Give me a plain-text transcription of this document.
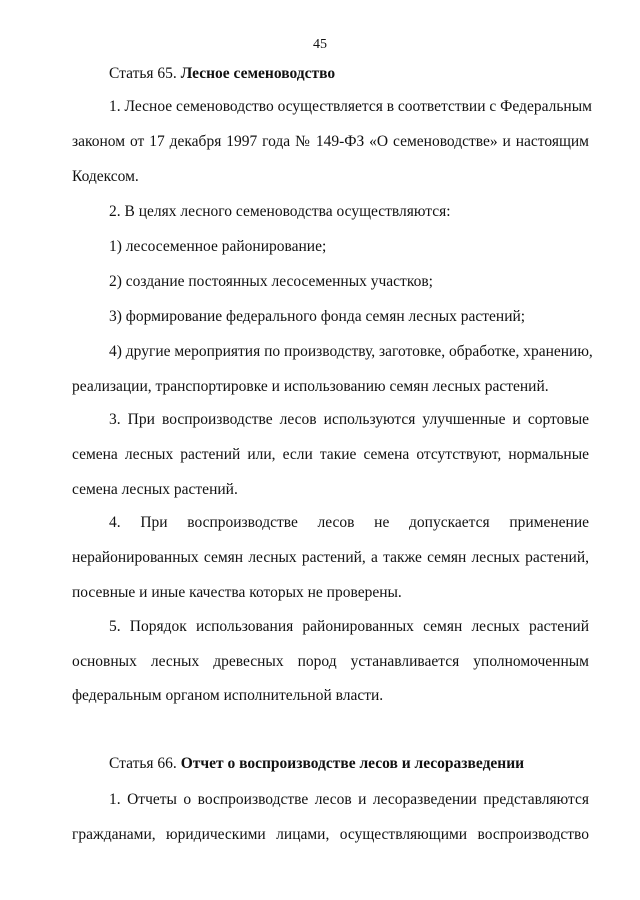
45
Статья 65. Лесное семеноводство
1. Лесное семеноводство осуществляется в соответствии с Федеральным
законом от 17 декабря 1997 года № 149-ФЗ «О семеноводстве» и настоящим
Кодексом.
2. В целях лесного семеноводства осуществляются:
1) лесосеменное районирование;
2) создание постоянных лесосеменных участков;
3) формирование федерального фонда семян лесных растений;
4) другие мероприятия по производству, заготовке, обработке, хранению,
реализации, транспортировке и использованию семян лесных растений.
3. При воспроизводстве лесов используются улучшенные и сортовые
семена лесных растений или, если такие семена отсутствуют, нормальные
семена лесных растений.
4. При воспроизводстве лесов не допускается применение
нерайонированных семян лесных растений, а также семян лесных растений,
посевные и иные качества которых не проверены.
5. Порядок использования районированных семян лесных растений
основных лесных древесных пород устанавливается уполномоченным
федеральным органом исполнительной власти.
Статья 66. Отчет о воспроизводстве лесов и лесоразведении
1. Отчеты о воспроизводстве лесов и лесоразведении представляются
гражданами, юридическими лицами, осуществляющими воспроизводство
